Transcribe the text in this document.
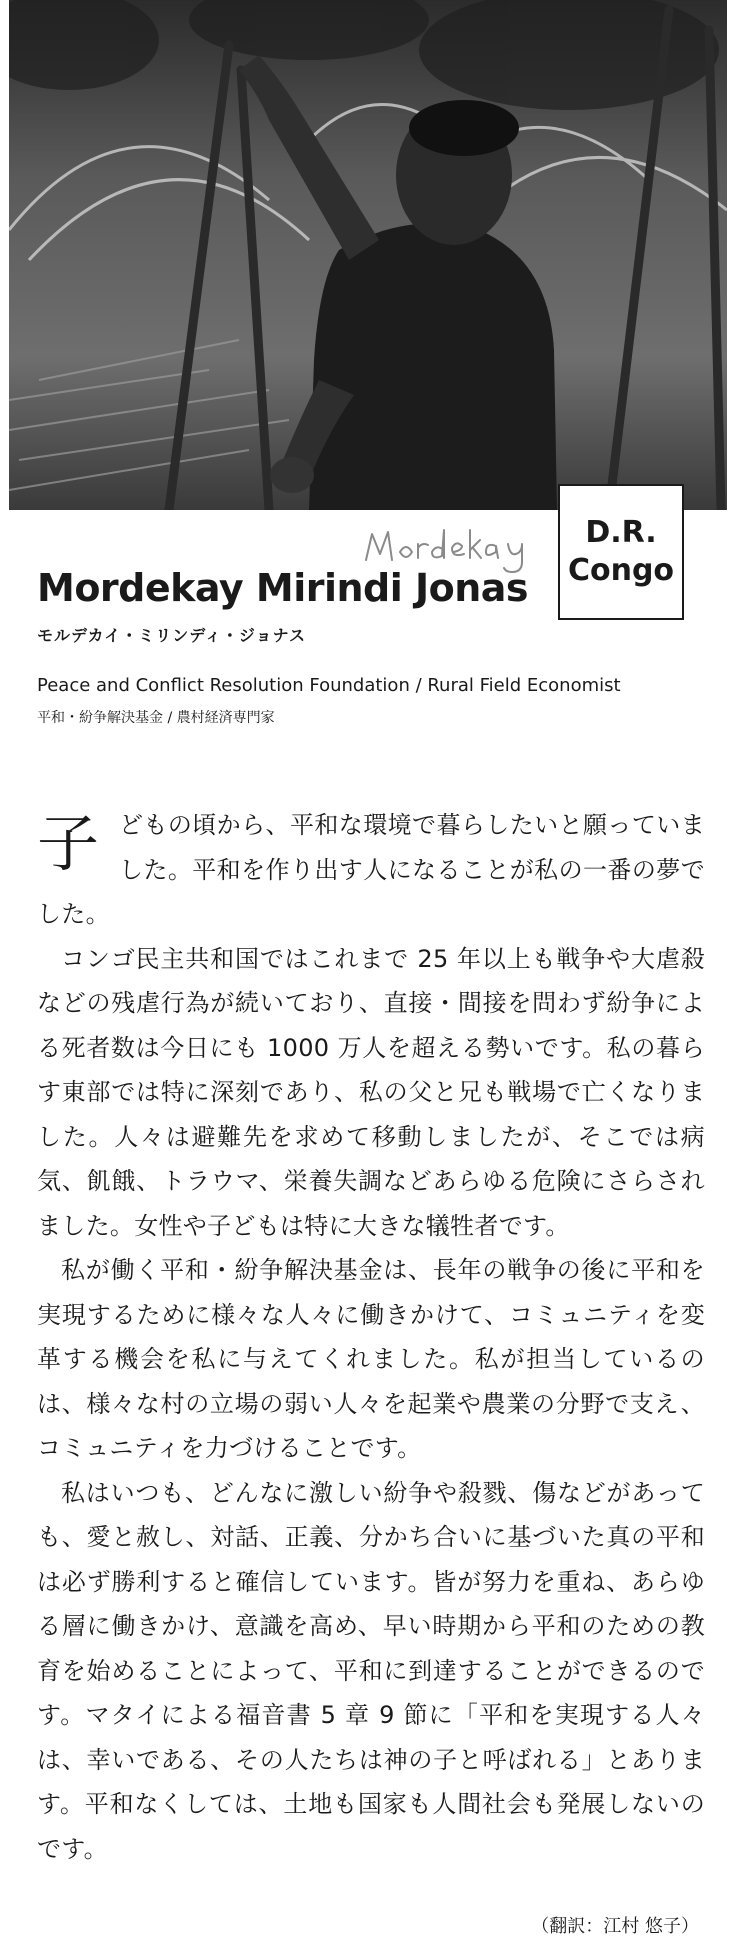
D.R.
Congo
Mordekay Mirindi Jonas
モルデカイ・ミリンディ・ジョナス
Peace and Conflict Resolution Foundation / Rural Field Economist
平和・紛争解決基金 / 農村経済専門家

子 どもの頃から、平和な環境で暮らしたいと願っていました。平和を作り出す人になることが私の一番の夢でした。

コンゴ民主共和国ではこれまで 25 年以上も戦争や大虐殺などの残虐行為が続いており、直接・間接を問わず紛争による死者数は今日にも 1000 万人を超える勢いです。私の暮らす東部では特に深刻であり、私の父と兄も戦場で亡くなりました。人々は避難先を求めて移動しましたが、そこでは病気、飢餓、トラウマ、栄養失調などあらゆる危険にさらされました。女性や子どもは特に大きな犠牲者です。

私が働く平和・紛争解決基金は、長年の戦争の後に平和を実現するために様々な人々に働きかけて、コミュニティを変革する機会を私に与えてくれました。私が担当しているのは、様々な村の立場の弱い人々を起業や農業の分野で支え、コミュニティを力づけることです。

私はいつも、どんなに激しい紛争や殺戮、傷などがあっても、愛と赦し、対話、正義、分かち合いに基づいた真の平和は必ず勝利すると確信しています。皆が努力を重ね、あらゆる層に働きかけ、意識を高め、早い時期から平和のための教育を始めることによって、平和に到達することができるのです。マタイによる福音書 5 章 9 節に「平和を実現する人々は、幸いである、その人たちは神の子と呼ばれる」とあります。平和なくしては、土地も国家も人間社会も発展しないのです。

（翻訳：江村 悠子）
